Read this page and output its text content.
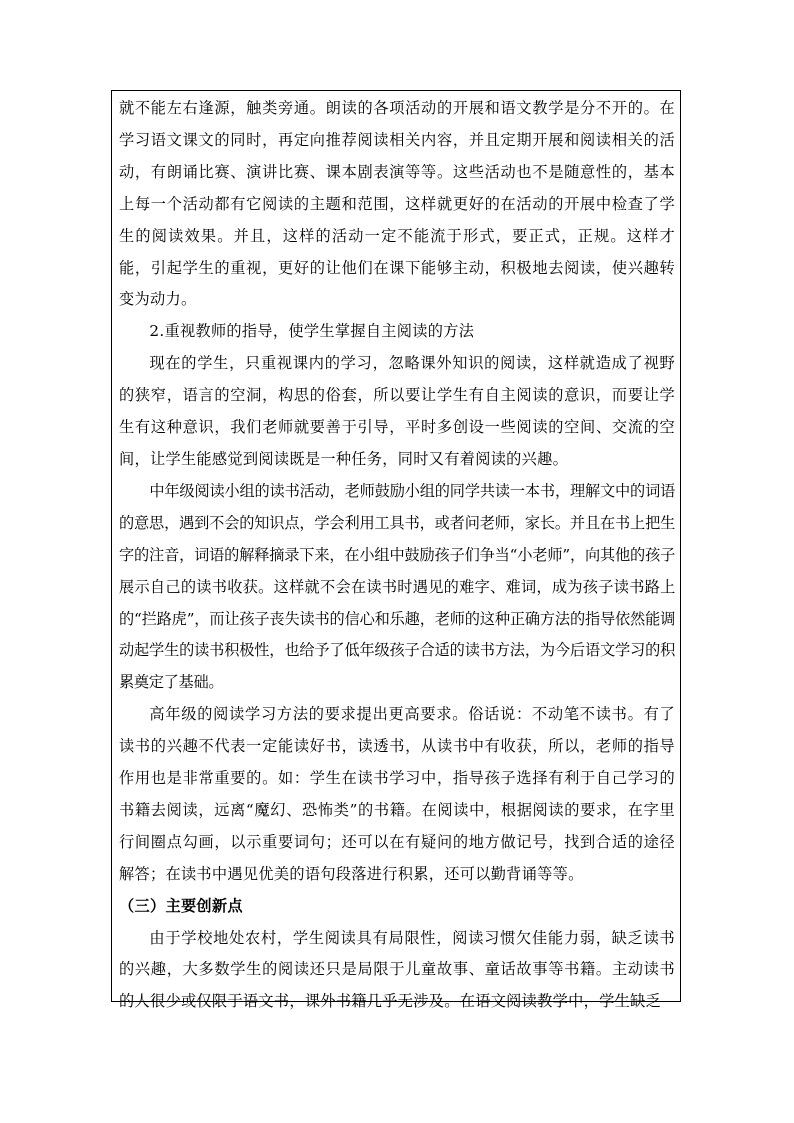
就不能左右逢源，触类旁通。朗读的各项活动的开展和语文教学是分不开的。在学习语文课文的同时，再定向推荐阅读相关内容，并且定期开展和阅读相关的活动，有朗诵比赛、演讲比赛、课本剧表演等等。这些活动也不是随意性的，基本上每一个活动都有它阅读的主题和范围，这样就更好的在活动的开展中检查了学生的阅读效果。并且，这样的活动一定不能流于形式，要正式，正规。这样才能，引起学生的重视，更好的让他们在课下能够主动，积极地去阅读，使兴趣转变为动力。

2.重视教师的指导，使学生掌握自主阅读的方法

现在的学生，只重视课内的学习，忽略课外知识的阅读，这样就造成了视野的狭窄，语言的空洞，构思的俗套，所以要让学生有自主阅读的意识，而要让学生有这种意识，我们老师就要善于引导，平时多创设一些阅读的空间、交流的空间，让学生能感觉到阅读既是一种任务，同时又有着阅读的兴趣。

中年级阅读小组的读书活动，老师鼓励小组的同学共读一本书，理解文中的词语的意思，遇到不会的知识点，学会利用工具书，或者问老师，家长。并且在书上把生字的注音，词语的解释摘录下来，在小组中鼓励孩子们争当“小老师”，向其他的孩子展示自己的读书收获。这样就不会在读书时遇见的难字、难词，成为孩子读书路上的“拦路虎”，而让孩子丧失读书的信心和乐趣，老师的这种正确方法的指导依然能调动起学生的读书积极性，也给予了低年级孩子合适的读书方法，为今后语文学习的积累奠定了基础。

高年级的阅读学习方法的要求提出更高要求。俗话说：不动笔不读书。有了读书的兴趣不代表一定能读好书，读透书，从读书中有收获，所以，老师的指导作用也是非常重要的。如：学生在读书学习中，指导孩子选择有利于自己学习的书籍去阅读，远离“魔幻、恐怖类”的书籍。在阅读中，根据阅读的要求，在字里行间圈点勾画，以示重要词句；还可以在有疑问的地方做记号，找到合适的途径解答；在读书中遇见优美的语句段落进行积累，还可以勤背诵等等。

（三）主要创新点

由于学校地处农村，学生阅读具有局限性，阅读习惯欠佳能力弱，缺乏读书的兴趣，大多数学生的阅读还只是局限于儿童故事、童话故事等书籍。主动读书的人很少或仅限于语文书，课外书籍几乎无涉及。在语文阅读教学中，学生缺乏
